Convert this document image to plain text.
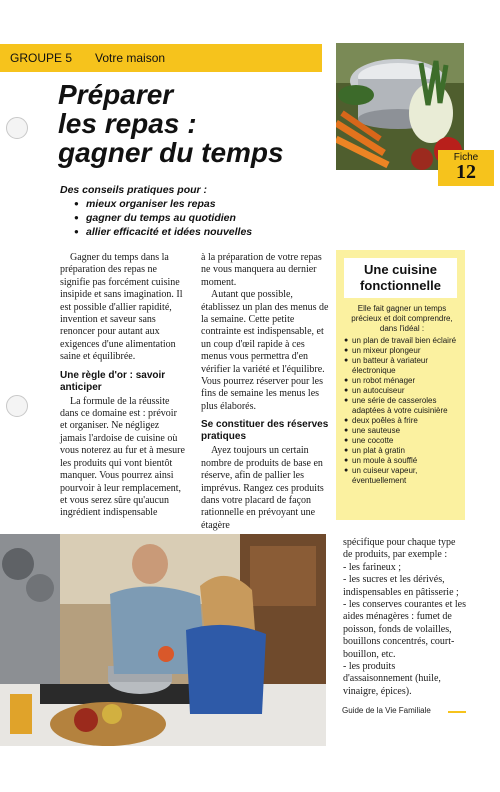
GROUPE 5 Votre maison
Fiche
12
Préparer
les repas :
gagner du temps
Des conseils pratiques pour :
● mieux organiser les repas
● gagner du temps au quotidien
● allier efficacité et idées nouvelles

Gagner du temps dans la préparation des repas ne signifie pas forcément cuisine insipide et sans imagination. Il est possible d'allier rapidité, invention et saveur sans renoncer pour autant aux exigences d'une alimentation saine et équilibrée.

Une règle d'or : savoir anticiper

La formule de la réussite dans ce domaine est : prévoir et organiser. Ne négligez jamais l'ardoise de cuisine où vous noterez au fur et à mesure les produits qui vont bientôt manquer. Vous pourrez ainsi pourvoir à leur remplacement, et vous serez sûre qu'aucun ingrédient indispensable

à la préparation de votre repas ne vous manquera au dernier moment.

Autant que possible, établissez un plan des menus de la semaine. Cette petite contrainte est indispensable, et un coup d'œil rapide à ces menus vous permettra d'en vérifier la variété et l'équilibre. Vous pourrez réserver pour les fins de semaine les menus les plus élaborés.

Se constituer des réserves pratiques

Ayez toujours un certain nombre de produits de base en réserve, afin de pallier les imprévus. Rangez ces produits dans votre placard de façon rationnelle en prévoyant une étagère

Une cuisine fonctionnelle
Elle fait gagner un temps précieux et doit comprendre, dans l'idéal :
● un plan de travail bien éclairé
● un mixeur plongeur
● un batteur à variateur électronique
● un robot ménager
● un autocuiseur
● une série de casseroles adaptées à votre cuisinière
● deux poêles à frire
● une sauteuse
● une cocotte
● un plat à gratin
● un moule à soufflé
● un cuiseur vapeur, éventuellement

spécifique pour chaque type de produits, par exemple :

- les farineux ;

- les sucres et les dérivés, indispensables en pâtisserie ;

- les conserves courantes et les aides ménagères : fumet de poisson, fonds de volailles, bouillons concentrés, court-bouillon, etc.

- les produits d'assaisonnement (huile, vinaigre, épices).

Guide de la Vie Familiale
